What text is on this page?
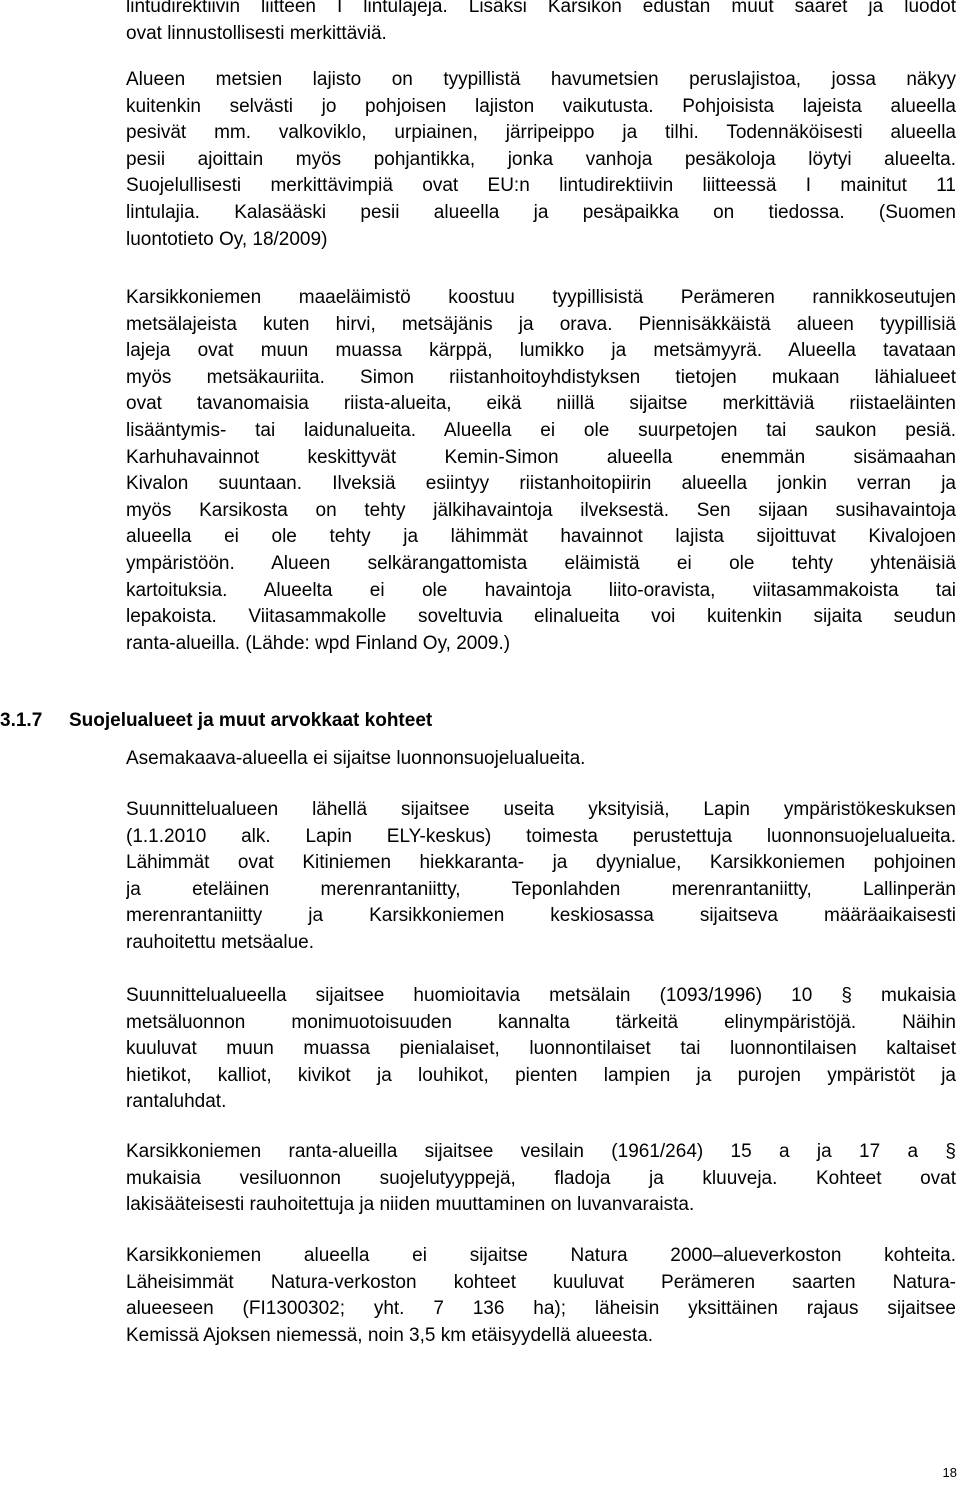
lintudirektiivin liitteen I lintulajeja. Lisäksi Karsikon edustan muut saaret ja luodot
ovat linnustollisesti merkittäviä.
Alueen metsien lajisto on tyypillistä havumetsien peruslajistoa, jossa näkyy
kuitenkin selvästi jo pohjoisen lajiston vaikutusta. Pohjoisista lajeista alueella
pesivät mm. valkoviklo, urpiainen, järripeippo ja tilhi. Todennäköisesti alueella
pesii ajoittain myös pohjantikka, jonka vanhoja pesäkoloja löytyi alueelta.
Suojelullisesti merkittävimpiä ovat EU:n lintudirektiivin liitteessä I mainitut 11
lintulajia. Kalasääski pesii alueella ja pesäpaikka on tiedossa. (Suomen
luontotieto Oy, 18/2009)
Karsikkoniemen maaeläimistö koostuu tyypillisistä Perämeren rannikkoseutujen
metsälajeista kuten hirvi, metsäjänis ja orava. Piennisäkkäistä alueen tyypillisiä
lajeja ovat muun muassa kärppä, lumikko ja metsämyyrä. Alueella tavataan
myös metsäkauriita. Simon riistanhoitoyhdistyksen tietojen mukaan lähialueet
ovat tavanomaisia riista-alueita, eikä niillä sijaitse merkittäviä riistaeläinten
lisääntymis- tai laidunalueita. Alueella ei ole suurpetojen tai saukon pesiä.
Karhuhavainnot keskittyvät Kemin-Simon alueella enemmän sisämaahan
Kivalon suuntaan. Ilveksiä esiintyy riistanhoitopiirin alueella jonkin verran ja
myös Karsikosta on tehty jälkihavaintoja ilveksestä. Sen sijaan susihavaintoja
alueella ei ole tehty ja lähimmät havainnot lajista sijoittuvat Kivalojoen
ympäristöön. Alueen selkärangattomista eläimistä ei ole tehty yhtenäisiä
kartoituksia. Alueelta ei ole havaintoja liito-oravista, viitasammakoista tai
lepakoista. Viitasammakolle soveltuvia elinalueita voi kuitenkin sijaita seudun
ranta-alueilla. (Lähde: wpd Finland Oy, 2009.)
3.1.7 Suojelualueet ja muut arvokkaat kohteet
Asemakaava-alueella ei sijaitse luonnonsuojelualueita.
Suunnittelualueen lähellä sijaitsee useita yksityisiä, Lapin ympäristökeskuksen
(1.1.2010 alk. Lapin ELY-keskus) toimesta perustettuja luonnonsuojelualueita.
Lähimmät ovat Kitiniemen hiekkaranta- ja dyynialue, Karsikkoniemen pohjoinen
ja eteläinen merenrantaniitty, Teponlahden merenrantaniitty, Lallinperän
merenrantaniitty ja Karsikkoniemen keskiosassa sijaitseva määräaikaisesti
rauhoitettu metsäalue.
Suunnittelualueella sijaitsee huomioitavia metsälain (1093/1996) 10 § mukaisia
metsäluonnon monimuotoisuuden kannalta tärkeitä elinympäristöjä. Näihin
kuuluvat muun muassa pienialaiset, luonnontilaiset tai luonnontilaisen kaltaiset
hietikot, kalliot, kivikot ja louhikot, pienten lampien ja purojen ympäristöt ja
rantaluhdat.
Karsikkoniemen ranta-alueilla sijaitsee vesilain (1961/264) 15 a ja 17 a §
mukaisia vesiluonnon suojelutyyppejä, fladoja ja kluuveja. Kohteet ovat
lakisääteisesti rauhoitettuja ja niiden muuttaminen on luvanvaraista.
Karsikkoniemen alueella ei sijaitse Natura 2000–alueverkoston kohteita.
Läheisimmät Natura-verkoston kohteet kuuluvat Perämeren saarten Natura-
alueeseen (FI1300302; yht. 7 136 ha); läheisin yksittäinen rajaus sijaitsee
Kemissä Ajoksen niemessä, noin 3,5 km etäisyydellä alueesta.
18
